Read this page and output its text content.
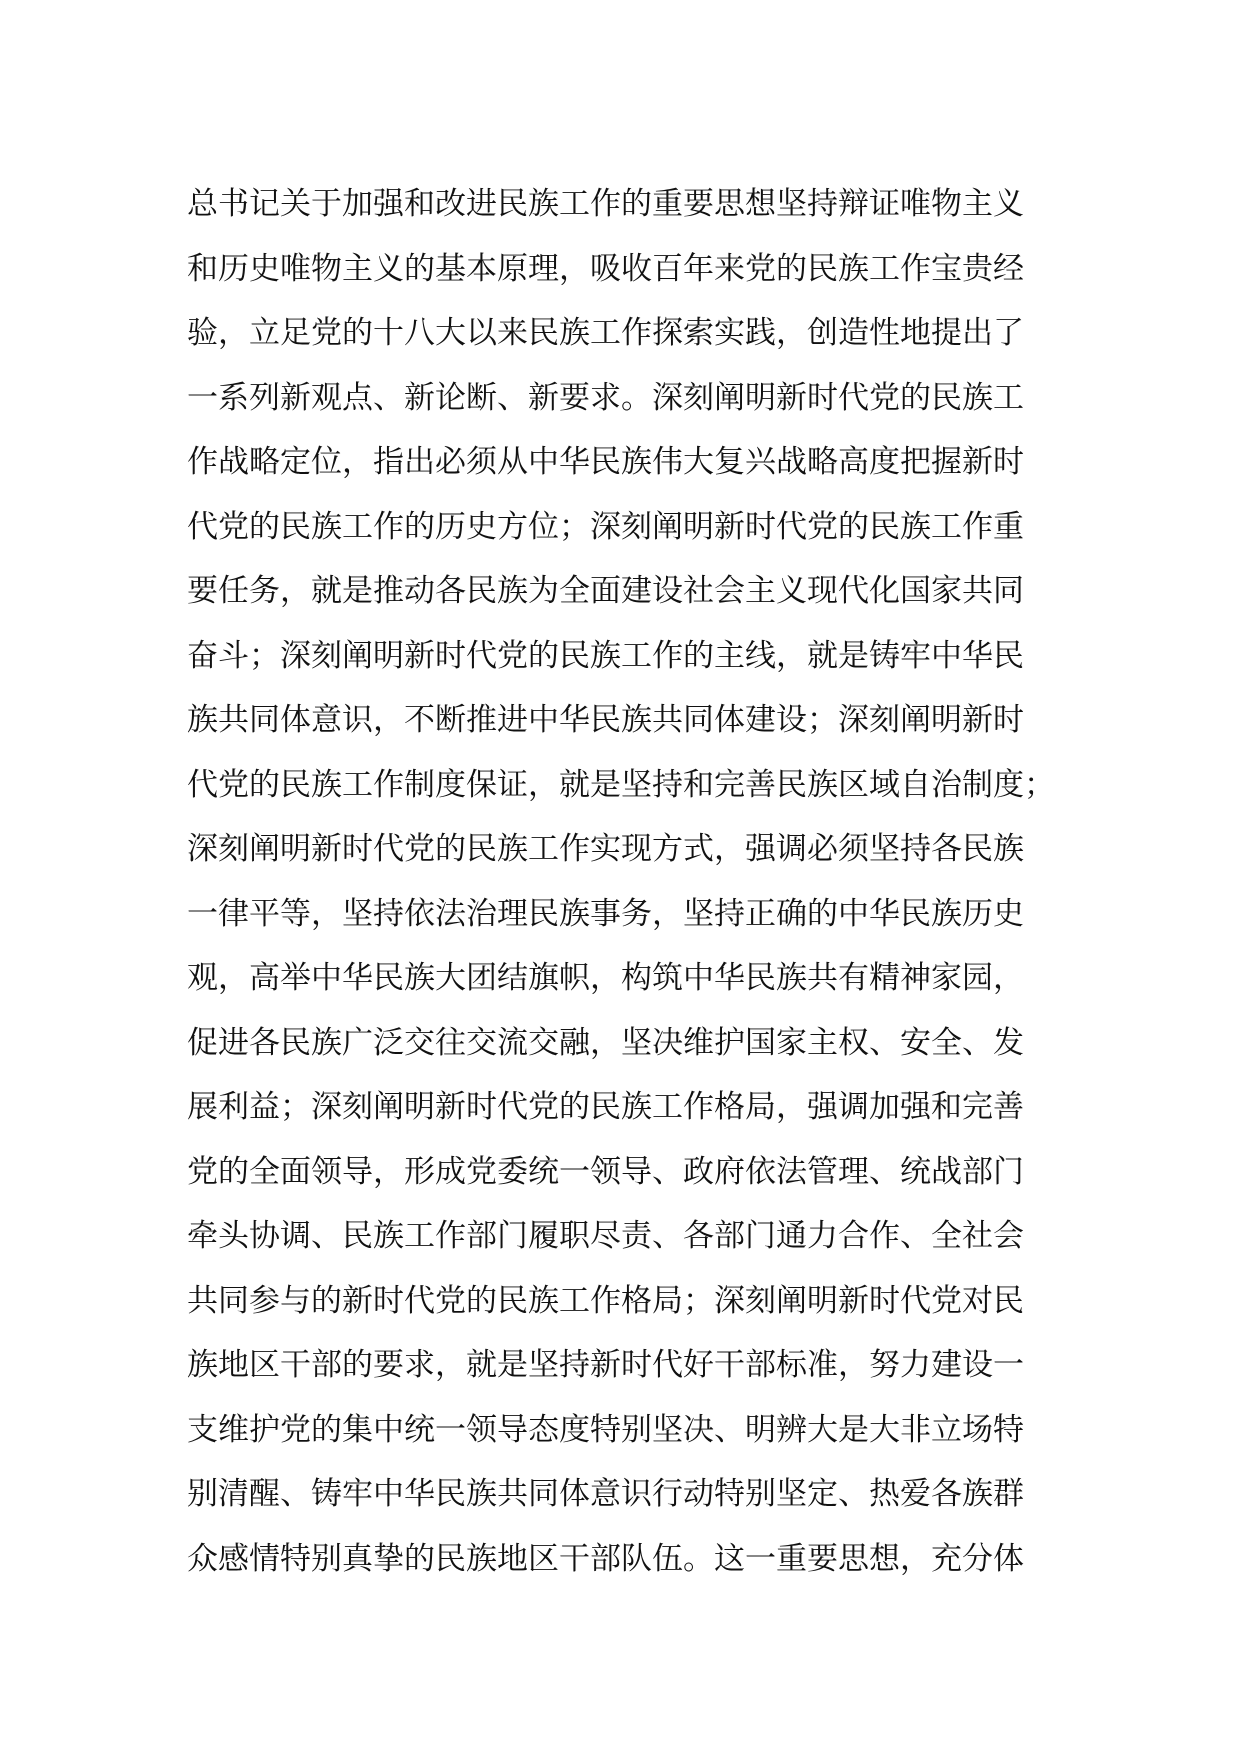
总书记关于加强和改进民族工作的重要思想坚持辩证唯物主义
和历史唯物主义的基本原理，吸收百年来党的民族工作宝贵经
验，立足党的十八大以来民族工作探索实践，创造性地提出了
一系列新观点、新论断、新要求。深刻阐明新时代党的民族工
作战略定位，指出必须从中华民族伟大复兴战略高度把握新时
代党的民族工作的历史方位；深刻阐明新时代党的民族工作重
要任务，就是推动各民族为全面建设社会主义现代化国家共同
奋斗；深刻阐明新时代党的民族工作的主线，就是铸牢中华民
族共同体意识，不断推进中华民族共同体建设；深刻阐明新时
代党的民族工作制度保证，就是坚持和完善民族区域自治制度；
深刻阐明新时代党的民族工作实现方式，强调必须坚持各民族
一律平等，坚持依法治理民族事务，坚持正确的中华民族历史
观，高举中华民族大团结旗帜，构筑中华民族共有精神家园，
促进各民族广泛交往交流交融，坚决维护国家主权、安全、发
展利益；深刻阐明新时代党的民族工作格局，强调加强和完善
党的全面领导，形成党委统一领导、政府依法管理、统战部门
牵头协调、民族工作部门履职尽责、各部门通力合作、全社会
共同参与的新时代党的民族工作格局；深刻阐明新时代党对民
族地区干部的要求，就是坚持新时代好干部标准，努力建设一
支维护党的集中统一领导态度特别坚决、明辨大是大非立场特
别清醒、铸牢中华民族共同体意识行动特别坚定、热爱各族群
众感情特别真挚的民族地区干部队伍。这一重要思想，充分体
